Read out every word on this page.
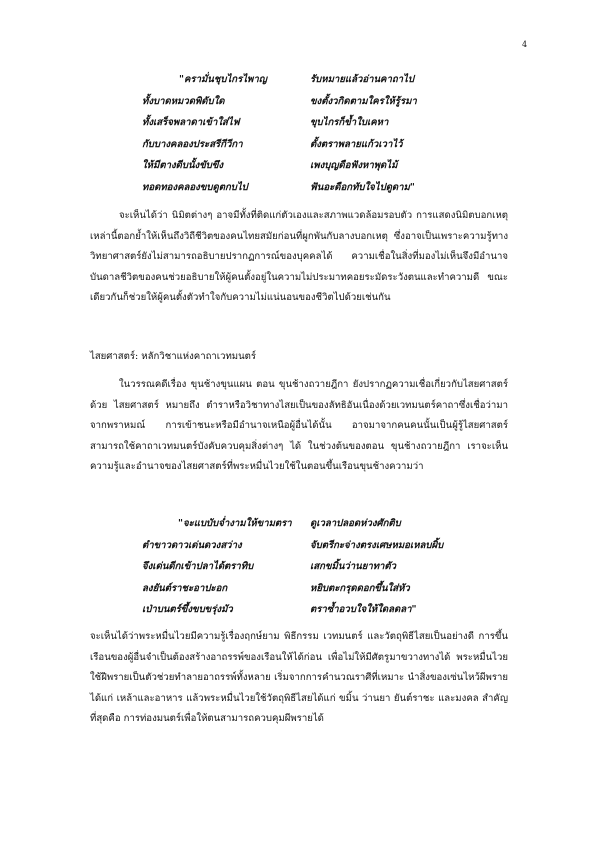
4
"ครามั่นชุบไกรไพาญ	รับหมายแล้วอ่านคาถาไป
ทั้งบาดหมวดพิดับใด	ขงตั้งวกิดตามใครให้รู้รมา
ทั้งเสร็จพลาดาเข้าใส่ไฟ	ขุบไกรก็ข้ำใบเคหา
กับบางคลองประสรีกีวีกา	ตั้งตราพลายแก้วเวาไว้
ให้มีตางดีบนั้งขับขึง	เพงบุญดือฟังหาพุดไม้
ทอดทองคลองขบดูตกบไป	ฟันอะดือกทับใจไปดูดาม"

จะเห็นได้ว่า นิมิตต่างๆ อาจมีทั้งที่ติดแก่ตัวเองและสภาพแวดล้อมรอบตัว การแสดงนิมิตบอกเหตุเหล่านี้ตอกย้ำให้เห็นถึงวิถีชีวิตของคนไทยสมัยก่อนที่ผูกพันกับลางบอกเหตุ ซึ่งอาจเป็นเพราะความรู้ทางวิทยาศาสตร์ยังไม่สามารถอธิบายปรากฏการณ์ของบุคคลได้ ความเชื่อในสิ่งที่มองไม่เห็นจึงมีอำนาจบันดาลชีวิตของคนช่วยอธิบายให้ผู้คนตั้งอยู่ในความไม่ประมาทคอยระมัดระวังตนและทำความดี ขณะเดียวกันก็ช่วยให้ผู้คนตั้งตัวทำใจกับความไม่แน่นอนของชีวิตไปด้วยเช่นกัน

ไสยศาสตร์: หลักวิชาแห่งคาถาเวทมนตร์

ในวรรณคดีเรื่อง ขุนช้างขุนแผน ตอน ขุนช้างถวายฎีกา ยังปรากฏความเชื่อเกี่ยวกับไสยศาสตร์ด้วย ไสยศาสตร์ หมายถึง ตำราหรือวิชาทางไสยเป็นของลัทธิอันเนื่องด้วยเวทมนตร์คาถาซึ่งเชื่อว่ามาจากพราหมณ์ การเข้าชนะหรือมีอำนาจเหนือผู้อื่นได้นั้น อาจมาจากคนคนนั้นเป็นผู้รู้ไสยศาสตร์ สามารถใช้คาถาเวทมนตร์บังคับควบคุมสิ่งต่างๆ ได้ ในช่วงต้นของตอน ขุนช้างถวายฎีกา เราจะเห็นความรู้และอำนาจของไสยศาสตร์ที่พระหมื่นไวยใช้ในตอนขึ้นเรือนขุนช้างความว่า

"จะแบบับจ่ำงามให้ขามตรา	ดูเวลาปลอดห่วงศักติบ
ตำขาวดาวเด่นดวงสว่าง	จับตรีกะจ่างตรงเศษหมอเหลบผิ้บ
จึงเด่นดีกเข้าปลาได้ตราทิบ	เสกขมิ้นว่านยาทาตัว
ลงยันต์ราชะอาปะอก	หยิบตะกรุดดอกขึ้นใส่หัว
เป่าบนตร์ขึ้งขบขรุ่งมัว	ตราซ้ำอวบใจให้ใดลดลา"

จะเห็นได้ว่าพระหมื่นไวยมีความรู้เรื่องฤกษ์ยาม พิธีกรรม เวทมนตร์ และวัตถุพิธีไสยเป็นอย่างดี การขึ้นเรือนของผู้อื่นจำเป็นต้องสร้างอาถรรพ์ของเรือนให้ได้ก่อน เพื่อไม่ให้มีศัตรูมาขวางทางได้ พระหมื่นไวยใช้ฝีพรายเป็นตัวช่วยทำลายอาถรรพ์ทั้งหลาย เริ่มจากการคำนวณราศีที่เหมาะ นำสิ่งของเซ่นไหว้ผีพรายได้แก่ เหล้าและอาหาร แล้วพระหมื่นไวยใช้วัตถุพิธีไสยได้แก่ ขมิ้น ว่านยา ยันต์ราชะ และมงคล สำคัญที่สุดคือ การท่องมนตร์เพื่อให้ตนสามารถควบคุมผีพรายได้
